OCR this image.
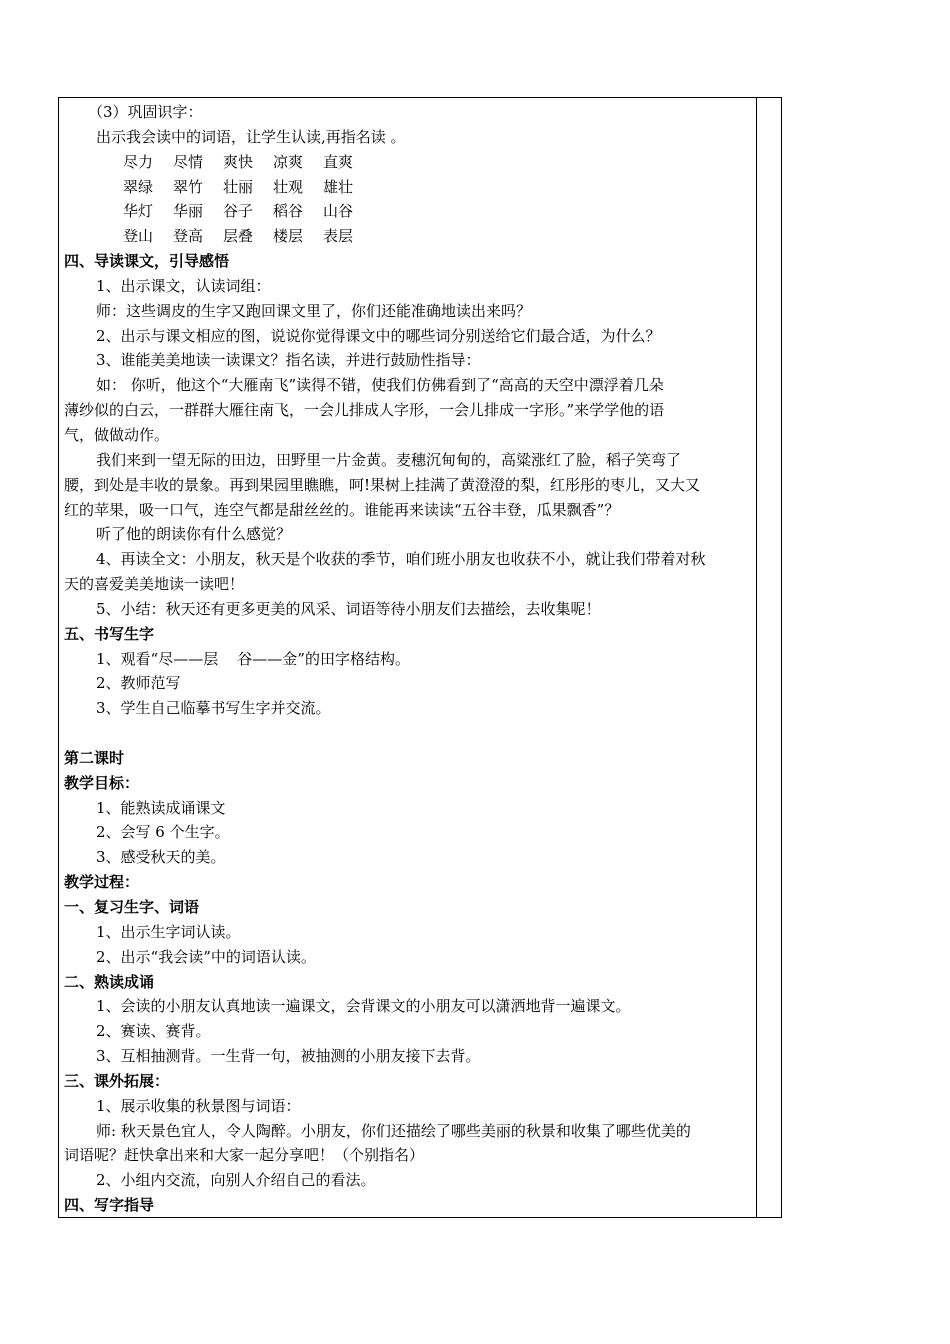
（3）巩固识字：
出示我会读中的词语，让学生认读,再指名读 。
尽力 尽情 爽快 凉爽 直爽
翠绿 翠竹 壮丽 壮观 雄壮
华灯 华丽 谷子 稻谷 山谷
登山 登高 层叠 楼层 表层
四、导读课文，引导感悟
1、出示课文，认读词组：
师：这些调皮的生字又跑回课文里了，你们还能准确地读出来吗？
2、出示与课文相应的图，说说你觉得课文中的哪些词分别送给它们最合适，为什么？
3、谁能美美地读一读课文？指名读，并进行鼓励性指导：
如： 你听，他这个“大雁南飞”读得不错，使我们仿佛看到了“高高的天空中漂浮着几朵
薄纱似的白云，一群群大雁往南飞，一会儿排成人字形，一会儿排成一字形。”来学学他的语
气，做做动作。
我们来到一望无际的田边，田野里一片金黄。麦穗沉甸甸的，高粱涨红了脸，稻子笑弯了
腰，到处是丰收的景象。再到果园里瞧瞧，呵!果树上挂满了黄澄澄的梨，红彤彤的枣儿，又大又
红的苹果，吸一口气，连空气都是甜丝丝的。谁能再来读读“五谷丰登，瓜果飘香”？
听了他的朗读你有什么感觉？
4、再读全文：小朋友，秋天是个收获的季节，咱们班小朋友也收获不小，就让我们带着对秋
天的喜爱美美地读一读吧！
5、小结：秋天还有更多更美的风采、词语等待小朋友们去描绘，去收集呢！
五、书写生字
1、观看“尽——层    谷——金”的田字格结构。
2、教师范写
3、学生自己临摹书写生字并交流。
第二课时
教学目标：
1、能熟读成诵课文
2、会写 6 个生字。
3、感受秋天的美。
教学过程：
一、复习生字、词语
1、出示生字词认读。
2、出示“我会读”中的词语认读。
二、熟读成诵
1、会读的小朋友认真地读一遍课文，会背课文的小朋友可以潇洒地背一遍课文。
2、赛读、赛背。
3、互相抽测背。一生背一句，被抽测的小朋友接下去背。
三、课外拓展：
1、展示收集的秋景图与词语：
师: 秋天景色宜人，令人陶醉。小朋友，你们还描绘了哪些美丽的秋景和收集了哪些优美的
词语呢？赶快拿出来和大家一起分享吧！（个别指名）
2、小组内交流，向别人介绍自己的看法。
四、写字指导
